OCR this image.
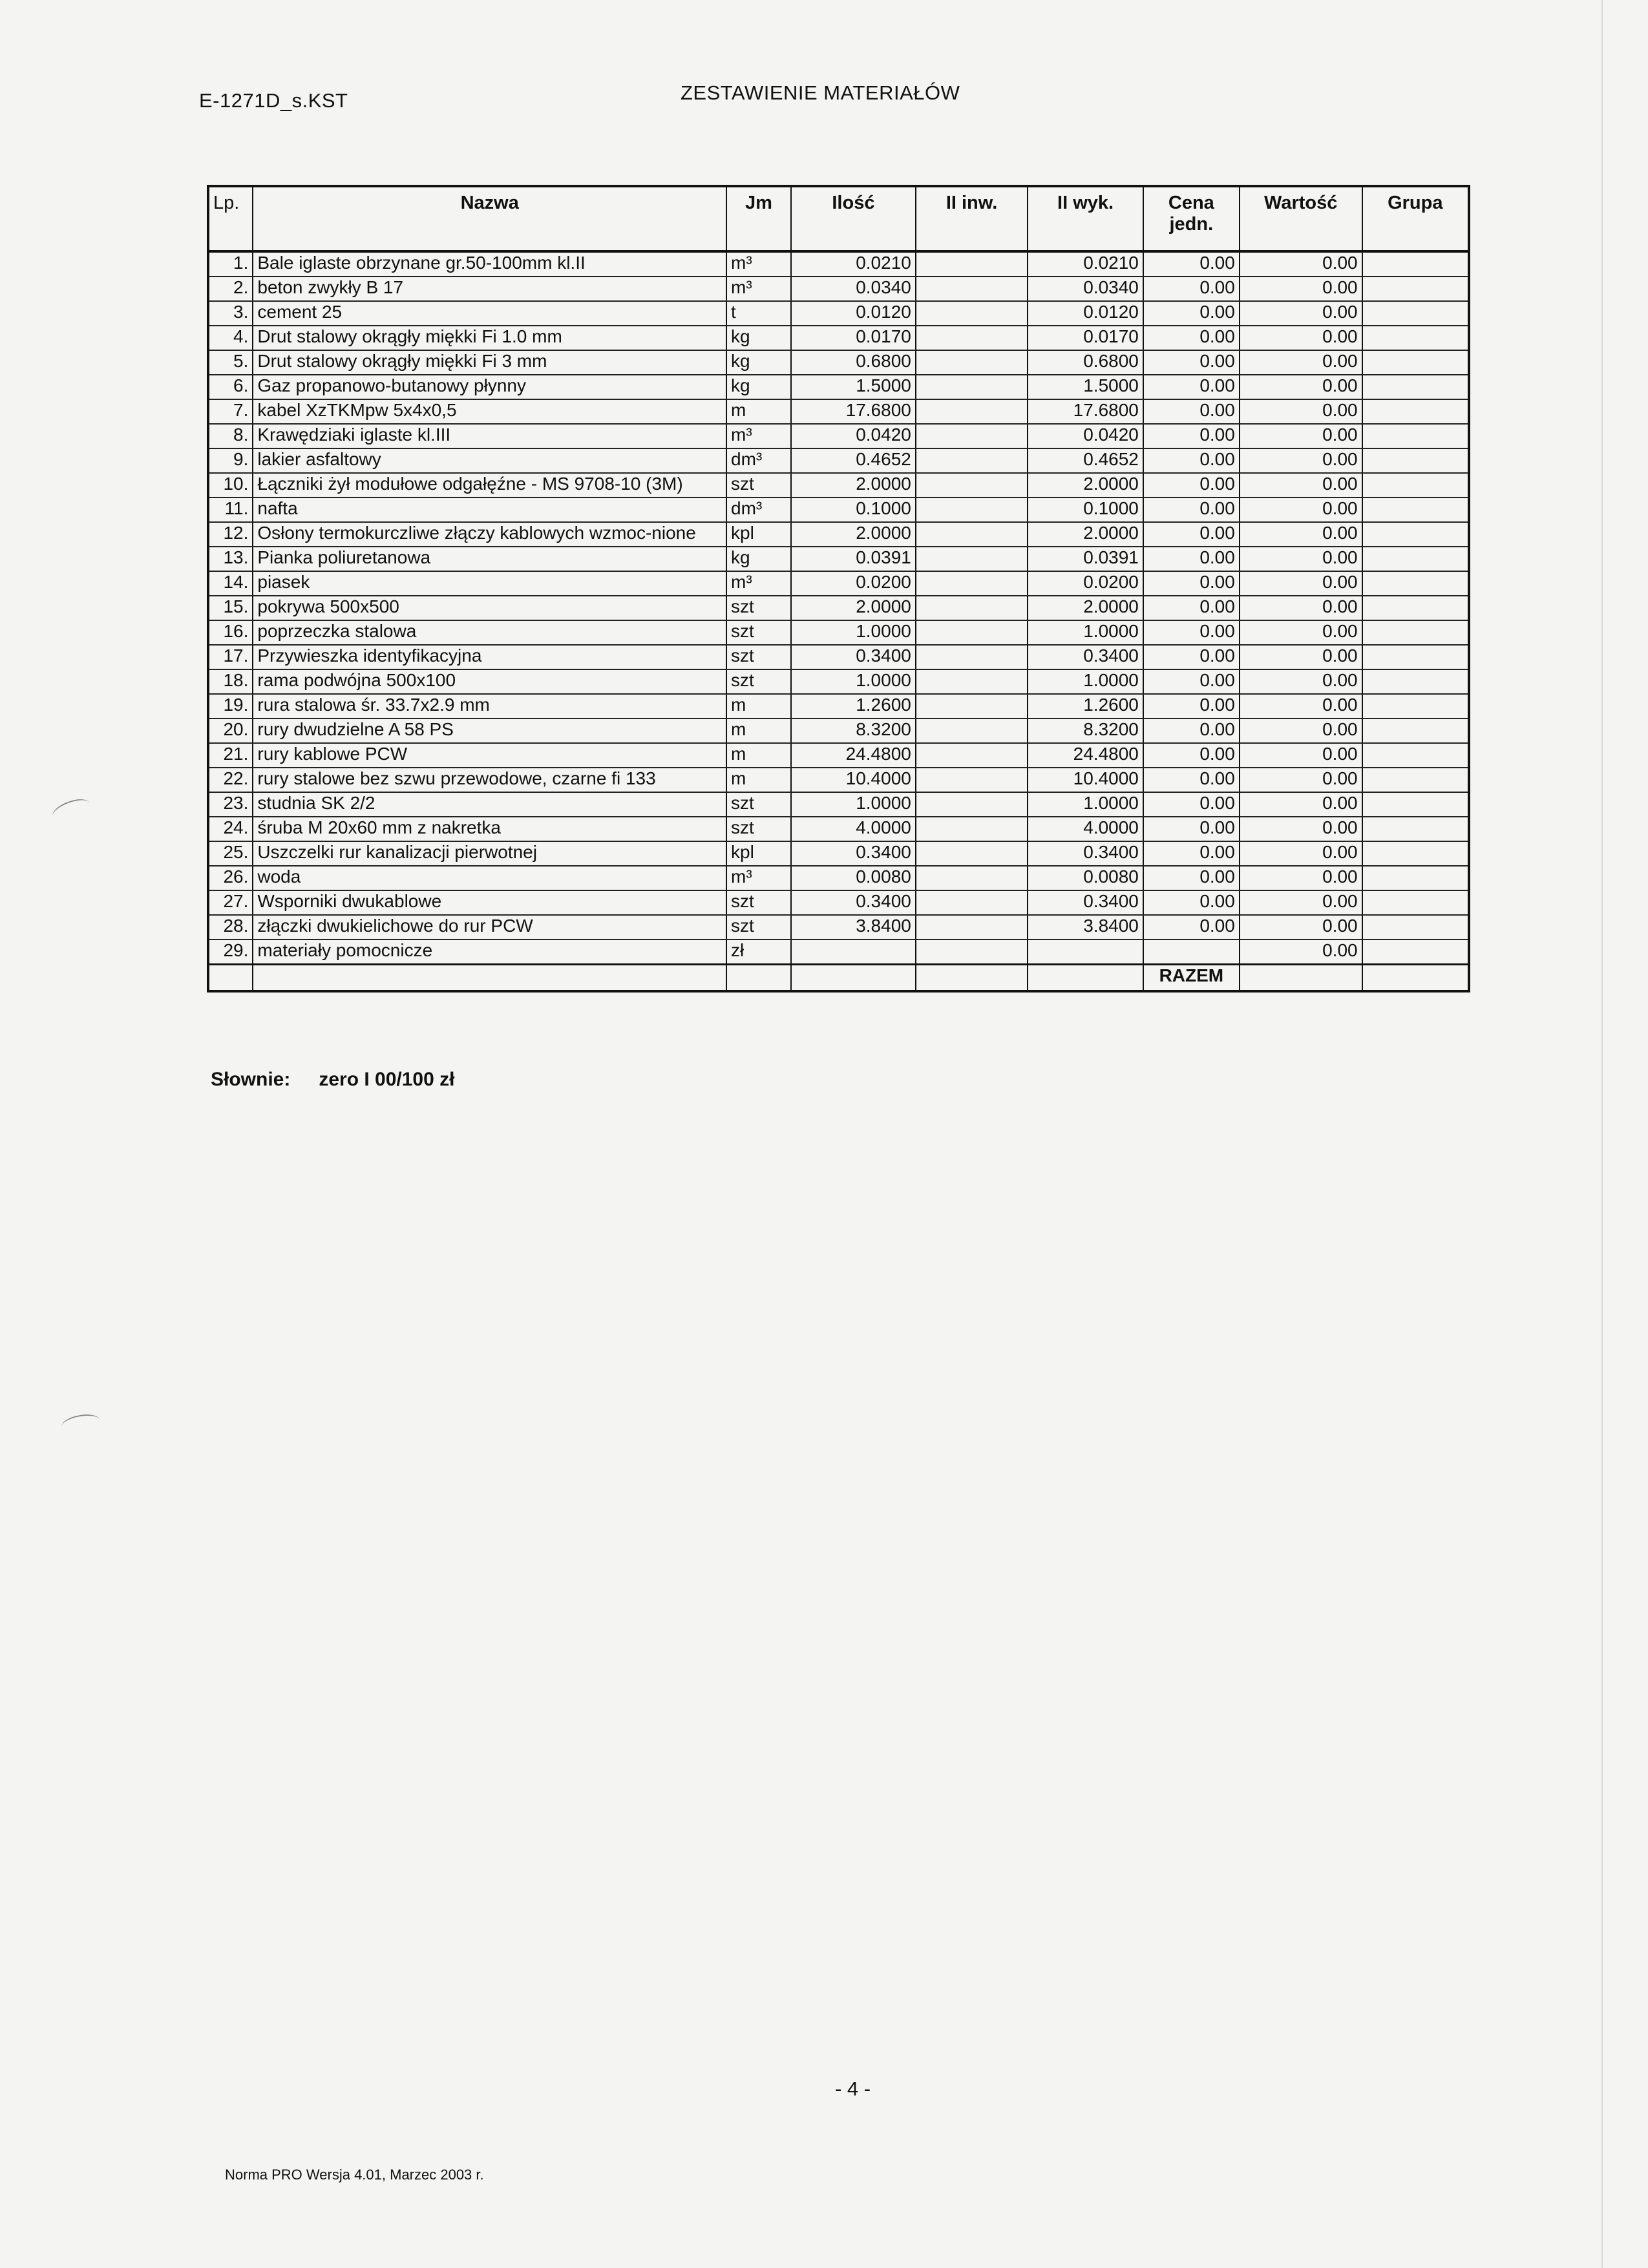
E-1271D_s.KST	ZESTAWIENIE MATERIAŁÓW
Lp.	Nazwa	Jm	Ilość	II inw.	II wyk.	Cena jedn.	Wartość	Grupa
1.	Bale iglaste obrzynane gr.50-100mm kl.II	m³	0.0210		0.0210	0.00	0.00	
2.	beton zwykły B 17	m³	0.0340		0.0340	0.00	0.00	
3.	cement 25	t	0.0120		0.0120	0.00	0.00	
4.	Drut stalowy okrągły miękki Fi 1.0 mm	kg	0.0170		0.0170	0.00	0.00	
5.	Drut stalowy okrągły miękki Fi 3 mm	kg	0.6800		0.6800	0.00	0.00	
6.	Gaz propanowo-butanowy płynny	kg	1.5000		1.5000	0.00	0.00	
7.	kabel XzTKMpw 5x4x0,5	m	17.6800		17.6800	0.00	0.00	
8.	Krawędziaki iglaste kl.III	m³	0.0420		0.0420	0.00	0.00	
9.	lakier asfaltowy	dm³	0.4652		0.4652	0.00	0.00	
10.	Łączniki żył modułowe odgałęźne - MS 9708-10 (3M)	szt	2.0000		2.0000	0.00	0.00	
11.	nafta	dm³	0.1000		0.1000	0.00	0.00	
12.	Osłony termokurczliwe złączy kablowych wzmoc-nione	kpl	2.0000		2.0000	0.00	0.00	
13.	Pianka poliuretanowa	kg	0.0391		0.0391	0.00	0.00	
14.	piasek	m³	0.0200		0.0200	0.00	0.00	
15.	pokrywa 500x500	szt	2.0000		2.0000	0.00	0.00	
16.	poprzeczka stalowa	szt	1.0000		1.0000	0.00	0.00	
17.	Przywieszka identyfikacyjna	szt	0.3400		0.3400	0.00	0.00	
18.	rama podwójna 500x100	szt	1.0000		1.0000	0.00	0.00	
19.	rura stalowa śr. 33.7x2.9 mm	m	1.2600		1.2600	0.00	0.00	
20.	rury dwudzielne A 58 PS	m	8.3200		8.3200	0.00	0.00	
21.	rury kablowe PCW	m	24.4800		24.4800	0.00	0.00	
22.	rury stalowe bez szwu przewodowe, czarne fi 133	m	10.4000		10.4000	0.00	0.00	
23.	studnia SK 2/2	szt	1.0000		1.0000	0.00	0.00	
24.	śruba M 20x60 mm z nakretka	szt	4.0000		4.0000	0.00	0.00	
25.	Uszczelki rur kanalizacji pierwotnej	kpl	0.3400		0.3400	0.00	0.00	
26.	woda	m³	0.0080		0.0080	0.00	0.00	
27.	Wsporniki dwukablowe	szt	0.3400		0.3400	0.00	0.00	
28.	złączki dwukielichowe do rur PCW	szt	3.8400		3.8400	0.00	0.00	
29.	materiały pomocnicze	zł					0.00	
						RAZEM		
Słownie: zero I 00/100 zł
- 4 -
Norma PRO Wersja 4.01, Marzec 2003 r.
